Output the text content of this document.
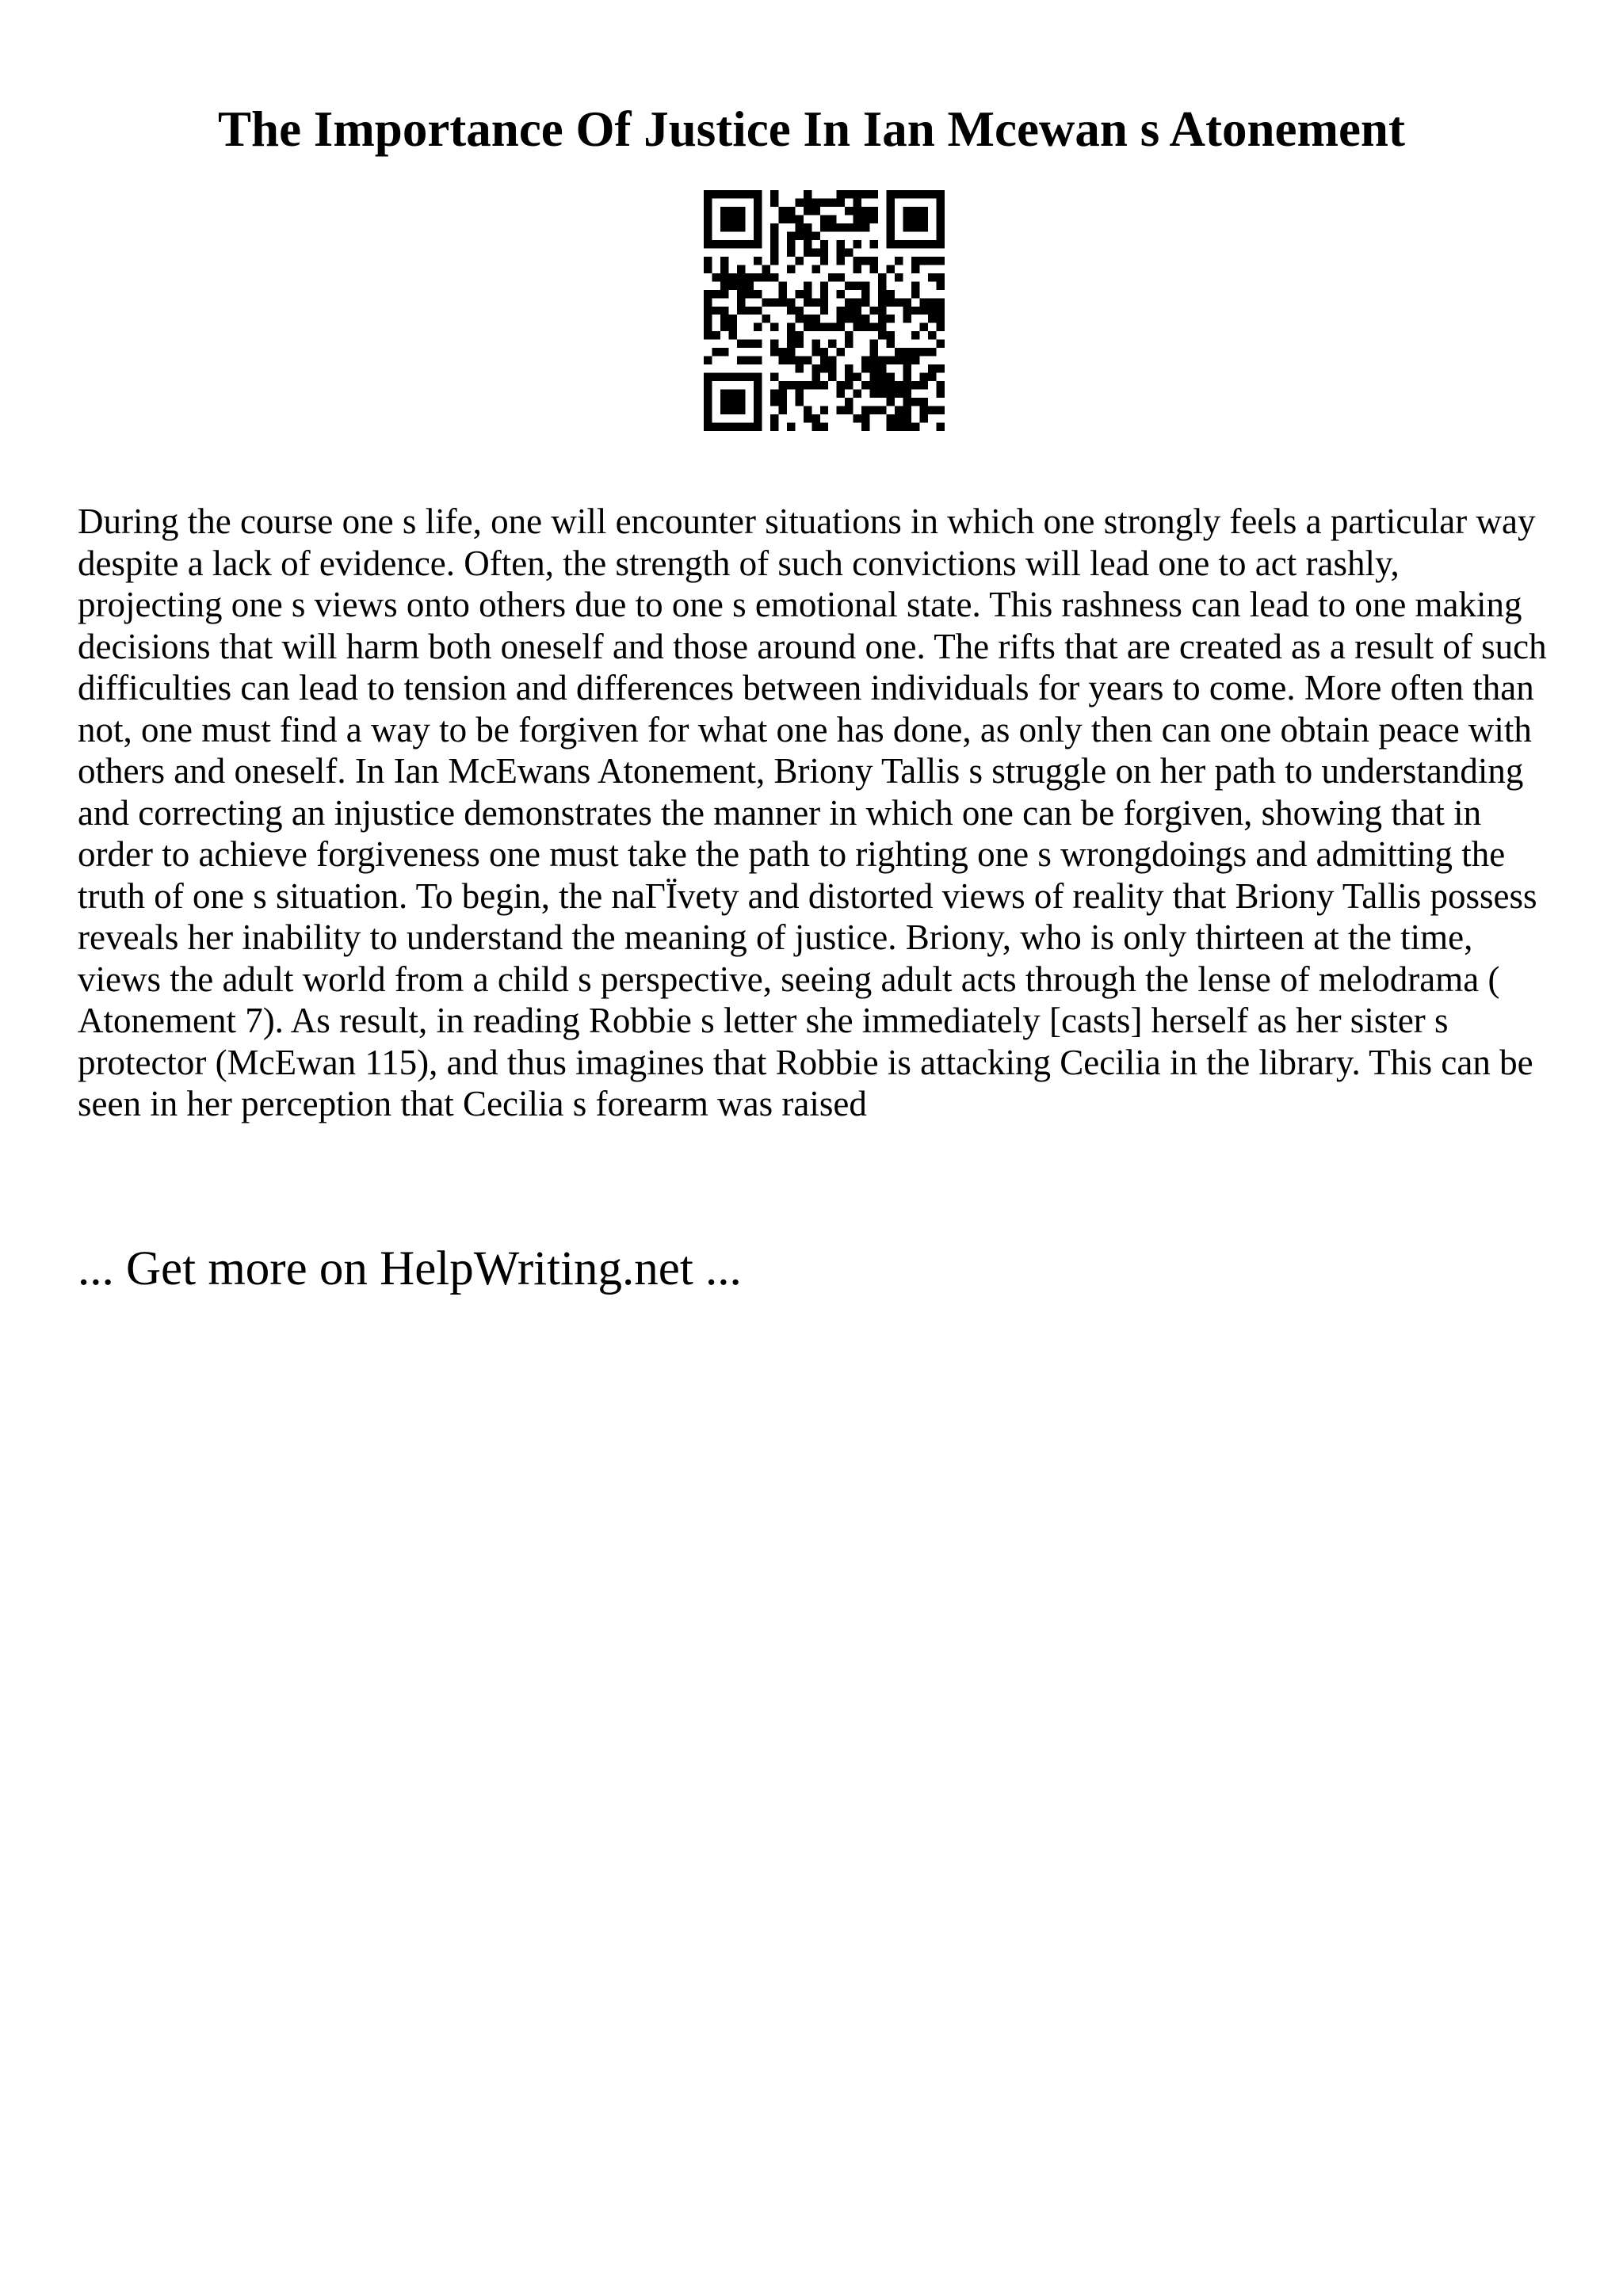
The Importance Of Justice In Ian Mcewan s Atonement

During the course one s life, one will encounter situations in which one strongly feels a particular way despite a lack of evidence. Often, the strength of such convictions will lead one to act rashly, projecting one s views onto others due to one s emotional state. This rashness can lead to one making decisions that will harm both oneself and those around one. The rifts that are created as a result of such difficulties can lead to tension and differences between individuals for years to come. More often than not, one must find a way to be forgiven for what one has done, as only then can one obtain peace with others and oneself. In Ian McEwans Atonement, Briony Tallis s struggle on her path to understanding and correcting an injustice demonstrates the manner in which one can be forgiven, showing that in order to achieve forgiveness one must take the path to righting one s wrongdoings and admitting the truth of one s situation. To begin, the naГЇvety and distorted views of reality that Briony Tallis possess reveals her inability to understand the meaning of justice. Briony, who is only thirteen at the time, views the adult world from a child s perspective, seeing adult acts through the lense of melodrama ( Atonement 7). As result, in reading Robbie s letter she immediately [casts] herself as her sister s protector (McEwan 115), and thus imagines that Robbie is attacking Cecilia in the library. This can be seen in her perception that Cecilia s forearm was raised

... Get more on HelpWriting.net ...
